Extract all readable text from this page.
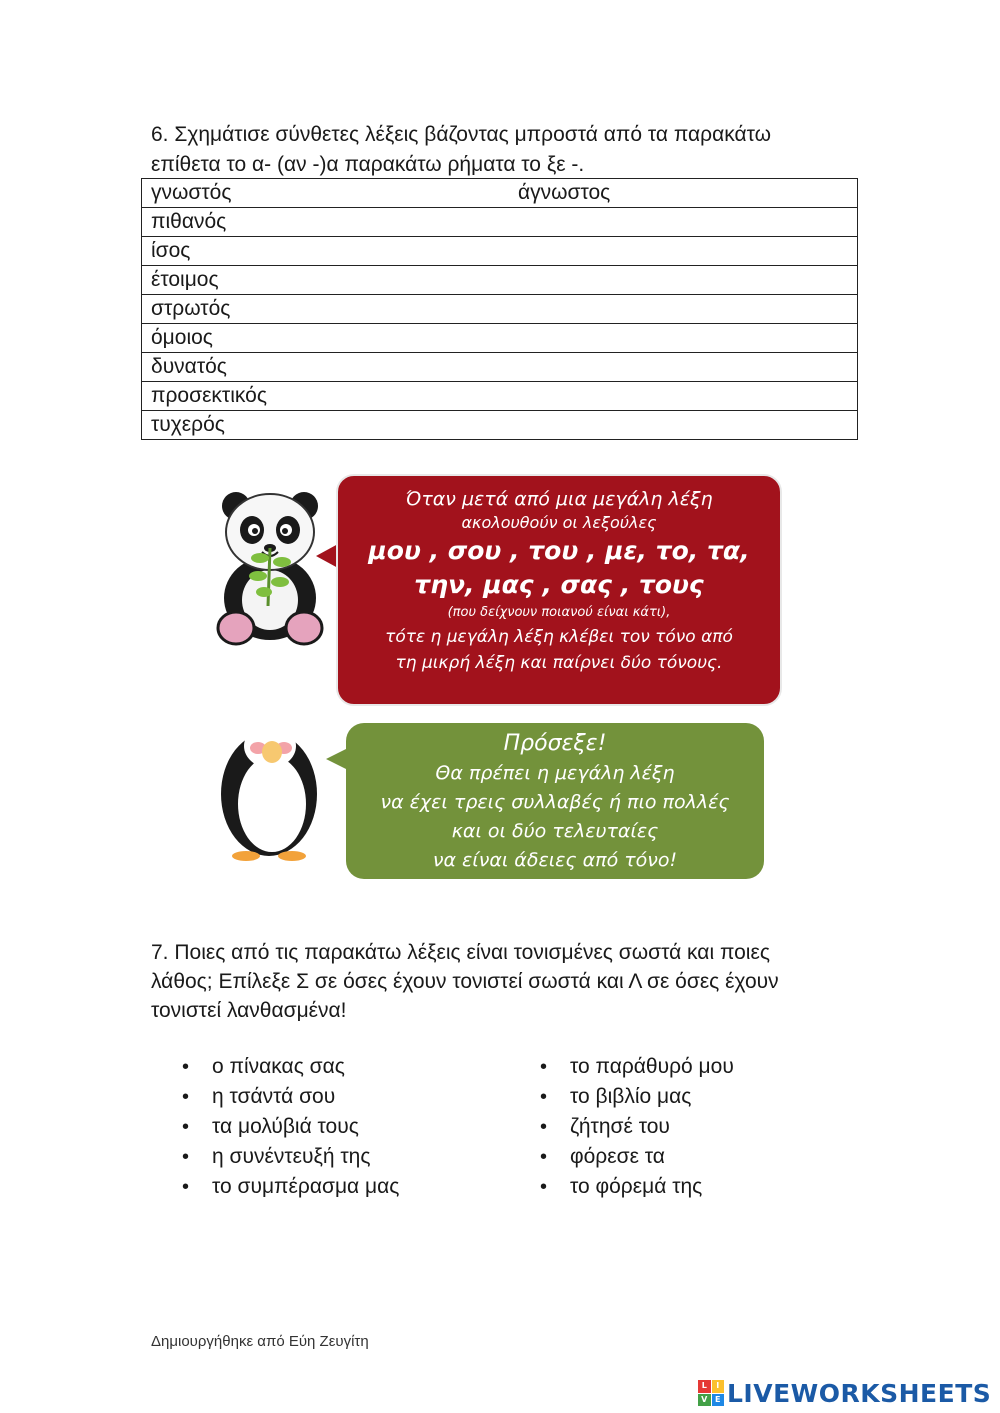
6. Σχημάτισε σύνθετες λέξεις βάζοντας μπροστά από τα παρακάτω
επίθετα το α- (αν -)α παρακάτω ρήματα το ξε -.
γνωστός	άγνωστος

πιθανός

ίσος

έτοιμος

στρωτός

όμοιος

δυνατός

προσεκτικός

τυχερός
Όταν μετά από μια μεγάλη λέξη
ακολουθούν οι λεξούλες
μου , σου , του , με, το, τα,
την, μας , σας , τους
(που δείχνουν ποιανού είναι κάτι),
τότε η μεγάλη λέξη κλέβει τον τόνο από
τη μικρή λέξη και παίρνει δύο τόνους.
Πρόσεξε!
Θα πρέπει η μεγάλη λέξη
να έχει τρεις συλλαβές ή πιο πολλές
και οι δύο τελευταίες
να είναι άδειες από τόνο!
7. Ποιες από τις παρακάτω λέξεις είναι τονισμένες σωστά και ποιες
λάθος; Επίλεξε Σ σε όσες έχουν τονιστεί σωστά και Λ σε όσες έχουν
τονιστεί λανθασμένα!
• ο πίνακας σας
• η τσάντά σου
• τα μολύβιά τους
• η συνέντευξή της
• το συμπέρασμα μας
• το παράθυρό μου
• το βιβλίο μας
• ζήτησέ του
• φόρεσε τα
• το φόρεμά της
Δημιουργήθηκε από Εύη Ζευγίτη
L	I
V E LIVEWORKSHEETS
